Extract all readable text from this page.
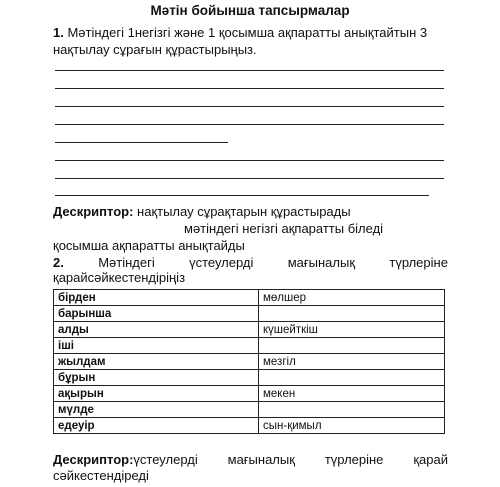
Мәтін бойынша тапсырмалар
1. Мәтіндегі 1негізгі және 1 қосымша ақпаратты анықтайтын 3 нақтылау сұрағын құрастырыңыз.
Дескриптор: нақтылау сұрақтарын құрастырады
мәтіндегі негізгі ақпаратты біледі
қосымша ақпаратты анықтайды
2.	Мәтіндегі	үстеулерді	мағыналық	түрлеріне
қарайсәйкестендіріңіз
бірден	мөлшер
барынша	
алды	күшейткіш
іші	
жылдам	мезгіл
бұрын	
ақырын	мекен
мүлде	
едеуір	сын-қимыл
Дескриптор:үстеулерді мағыналық түрлеріне қарай
сәйкестендіреді
